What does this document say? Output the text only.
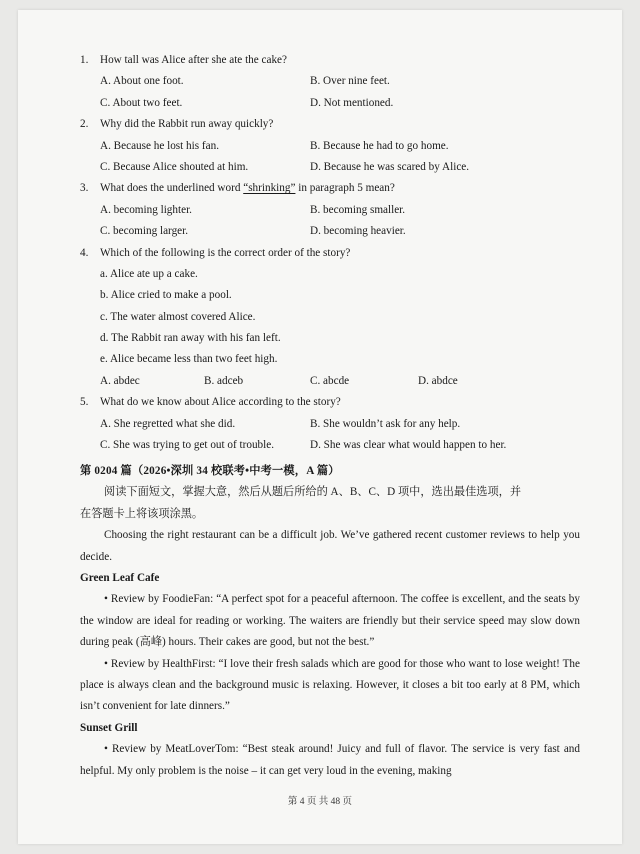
1. How tall was Alice after she ate the cake?
A. About one foot.	B. Over nine feet.
C. About two feet.	D. Not mentioned.
2. Why did the Rabbit run away quickly?
A. Because he lost his fan.	B. Because he had to go home.
C. Because Alice shouted at him.	D. Because he was scared by Alice.
3. What does the underlined word “shrinking” in paragraph 5 mean?
A. becoming lighter.	B. becoming smaller.
C. becoming larger.	D. becoming heavier.
4. Which of the following is the correct order of the story?
a. Alice ate up a cake.
b. Alice cried to make a pool.
c. The water almost covered Alice.
d. The Rabbit ran away with his fan left.
e. Alice became less than two feet high.
A. abdec	B. adceb	C. abcde	D. abdce
5. What do we know about Alice according to the story?
A. She regretted what she did.	B. She wouldn’t ask for any help.
C. She was trying to get out of trouble.	D. She was clear what would happen to her.
第 0204 篇（2026•深圳 34 校联考•中考一模，A 篇）
阅读下面短文，掌握大意，然后从题后所给的 A、B、C、D 项中，选出最佳选项，并
在答题卡上将该项涂黑。
Choosing the right restaurant can be a difficult job. We’ve gathered recent customer reviews to help you decide.
Green Leaf Cafe
• Review by FoodieFan: “A perfect spot for a peaceful afternoon. The coffee is excellent, and the seats by the window are ideal for reading or working. The waiters are friendly but their service speed may slow down during peak (高峰) hours. Their cakes are good, but not the best.”
• Review by HealthFirst: “I love their fresh salads which are good for those who want to lose weight! The place is always clean and the background music is relaxing. However, it closes a bit too early at 8 PM, which isn’t convenient for late dinners.”
Sunset Grill
• Review by MeatLoverTom: “Best steak around! Juicy and full of flavor. The service is very fast and helpful. My only problem is the noise – it can get very loud in the evening, making
第 4 页 共 48 页
